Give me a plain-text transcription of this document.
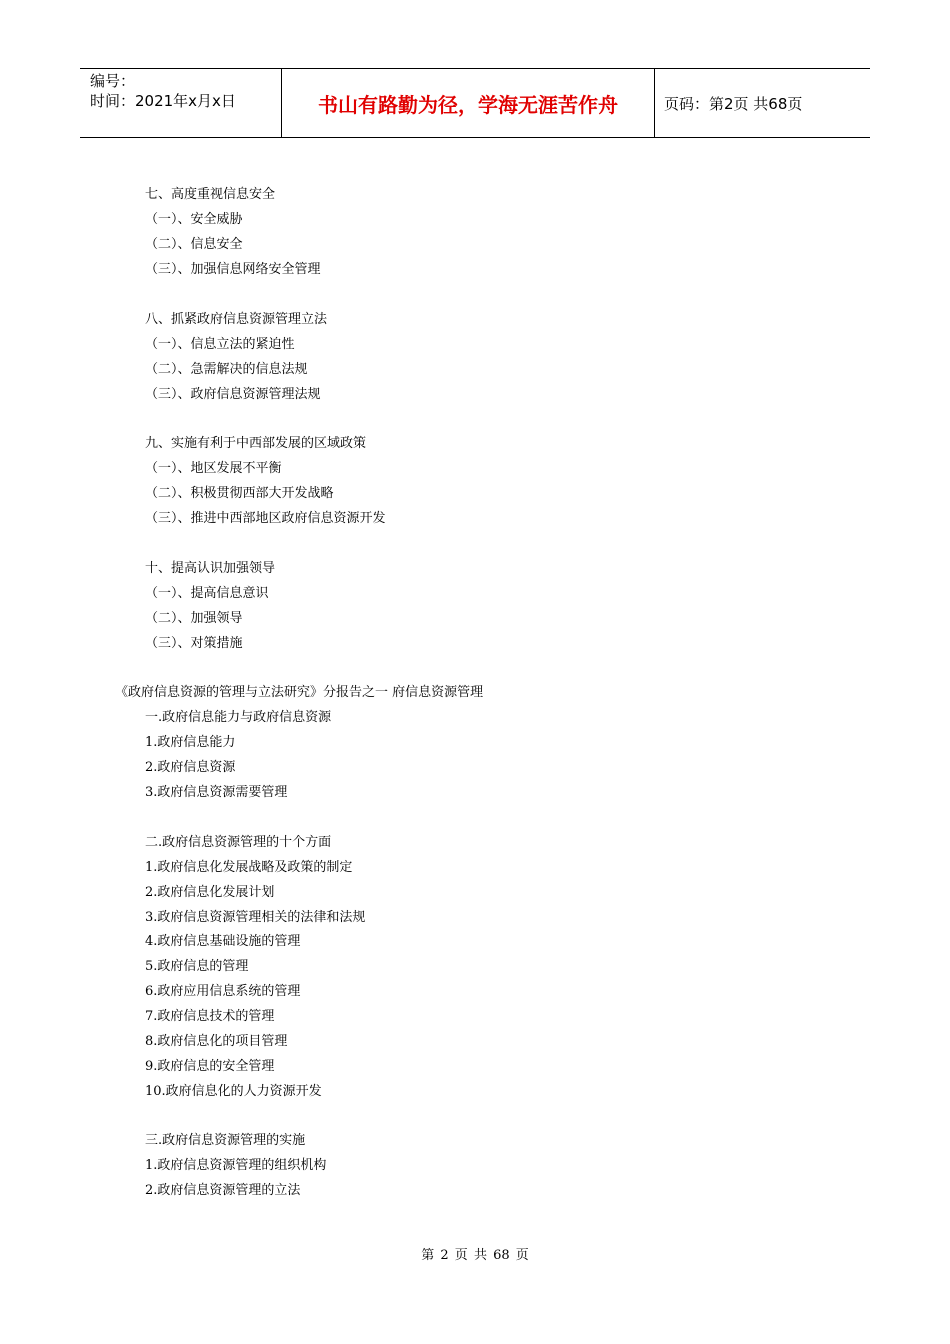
编号：
时间：2021年x月x日	书山有路勤为径，学海无涯苦作舟	页码：第2页 共68页
七、高度重视信息安全
（一）、安全威胁
（二）、信息安全
（三）、加强信息网络安全管理
八、抓紧政府信息资源管理立法
（一）、信息立法的紧迫性
（二）、急需解决的信息法规
（三）、政府信息资源管理法规
九、实施有利于中西部发展的区域政策
（一）、地区发展不平衡
（二）、积极贯彻西部大开发战略
（三）、推进中西部地区政府信息资源开发
十、提高认识加强领导
（一）、提高信息意识
（二）、加强领导
（三）、对策措施
《政府信息资源的管理与立法研究》分报告之一 府信息资源管理
一.政府信息能力与政府信息资源
1.政府信息能力
2.政府信息资源
3.政府信息资源需要管理
二.政府信息资源管理的十个方面
1.政府信息化发展战略及政策的制定
2.政府信息化发展计划
3.政府信息资源管理相关的法律和法规
4.政府信息基础设施的管理
5.政府信息的管理
6.政府应用信息系统的管理
7.政府信息技术的管理
8.政府信息化的项目管理
9.政府信息的安全管理
10.政府信息化的人力资源开发
三.政府信息资源管理的实施
1.政府信息资源管理的组织机构
2.政府信息资源管理的立法
第 2 页 共 68 页
